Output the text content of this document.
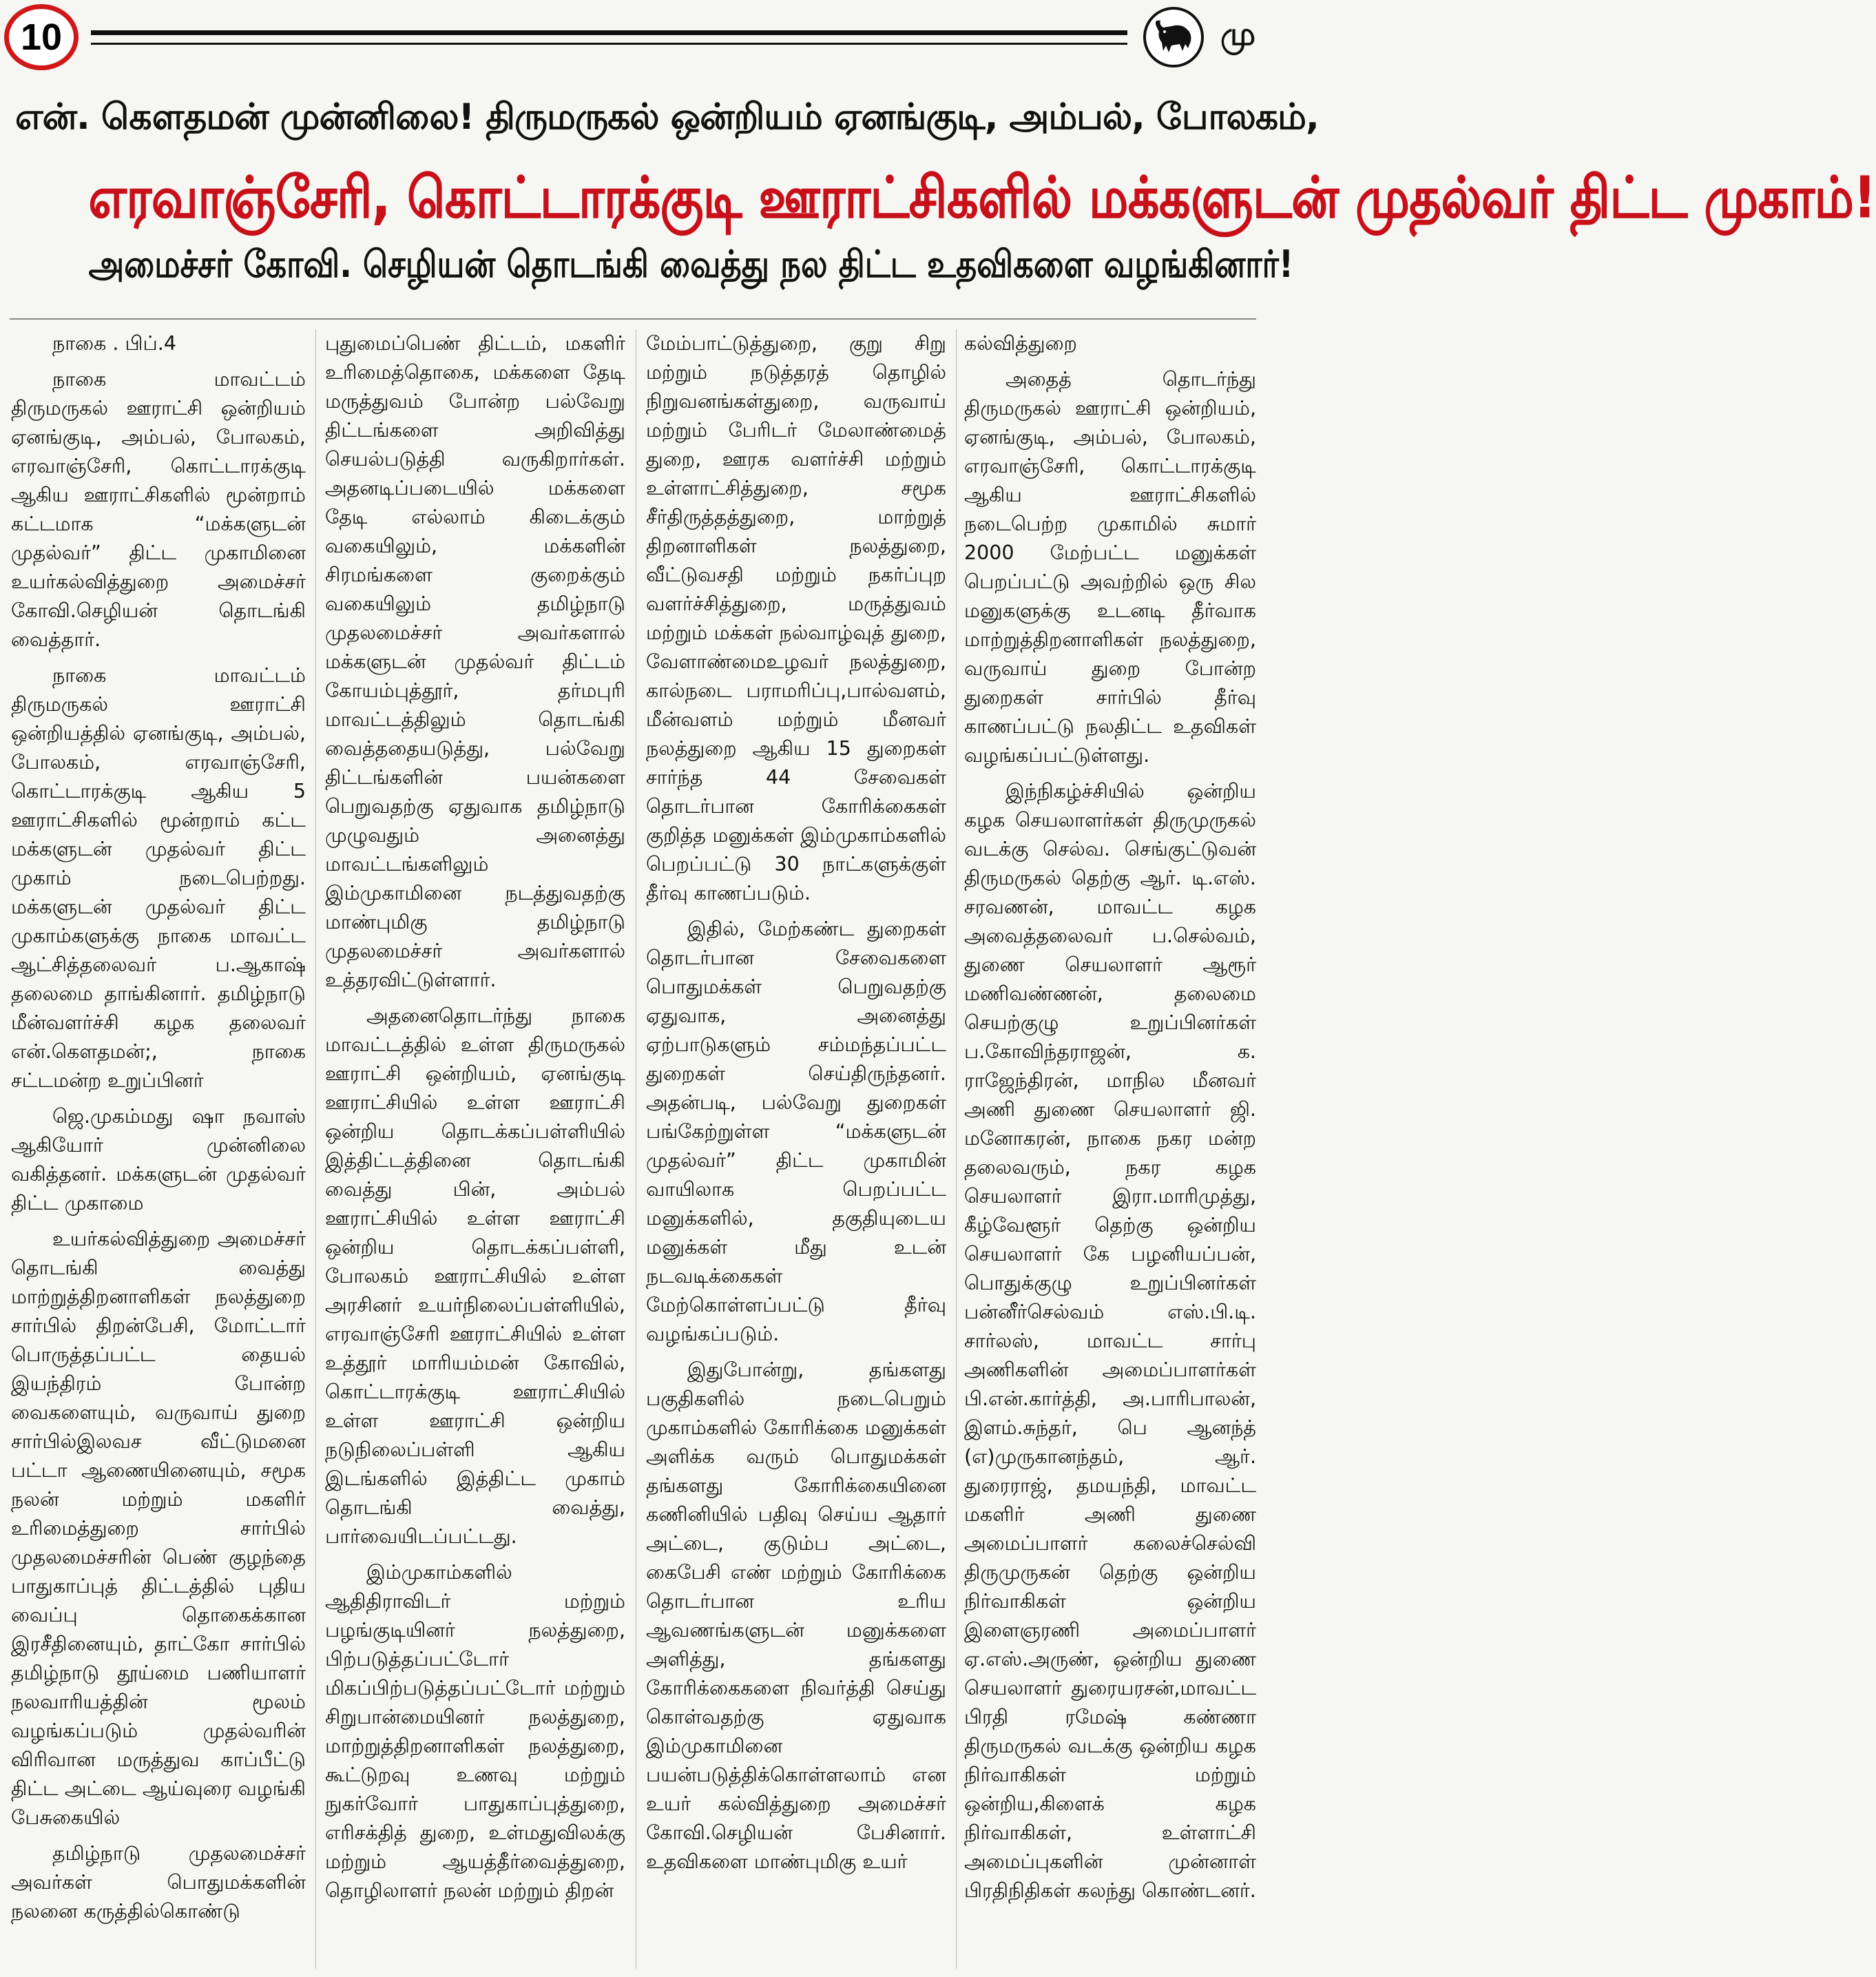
10	மு
என். கௌதமன் முன்னிலை! திருமருகல் ஒன்றியம் ஏனங்குடி, அம்பல், போலகம்,
எரவாஞ்சேரி, கொட்டாரக்குடி ஊராட்சிகளில் மக்களுடன் முதல்வர் திட்ட முகாம்!
அமைச்சர் கோவி. செழியன் தொடங்கி வைத்து நல திட்ட உதவிகளை வழங்கினார்!

நாகை . பிப்.4

நாகை மாவட்டம் திருமருகல் ஊராட்சி ஒன்றியம் ஏனங்குடி, அம்பல், போலகம், எரவாஞ்சேரி, கொட்டாரக்குடி ஆகிய ஊராட்சிகளில் மூன்றாம் கட்டமாக “மக்களுடன் முதல்வர்” திட்ட முகாமினை உயர்கல்வித்துறை அமைச்சர் கோவி.செழியன் தொடங்கி வைத்தார்.

நாகை மாவட்டம் திருமருகல் ஊராட்சி ஒன்றியத்தில் ஏனங்குடி, அம்பல், போலகம், எரவாஞ்சேரி, கொட்டாரக்குடி ஆகிய 5 ஊராட்சிகளில் மூன்றாம் கட்ட மக்களுடன் முதல்வர் திட்ட முகாம் நடைபெற்றது. மக்களுடன் முதல்வர் திட்ட முகாம்களுக்கு நாகை மாவட்ட ஆட்சித்தலைவர் ப.ஆகாஷ் தலைமை தாங்கினார். தமிழ்நாடு மீன்வளர்ச்சி கழக தலைவர் என்.கௌதமன்;, நாகை சட்டமன்ற உறுப்பினர்

ஜெ.முகம்மது ஷா நவாஸ் ஆகியோர் முன்னிலை வகித்தனர். மக்களுடன் முதல்வர் திட்ட முகாமை

உயர்கல்வித்துறை அமைச்சர் தொடங்கி வைத்து மாற்றுத்திறனாளிகள் நலத்துறை சார்பில் திறன்பேசி, மோட்டார் பொருத்தப்பட்ட தையல் இயந்திரம் போன்ற வைகளையும், வருவாய் துறை சார்பில்இலவச வீட்டுமனை பட்டா ஆணையினையும், சமூக நலன் மற்றும் மகளிர் உரிமைத்துறை சார்பில் முதலமைச்சரின் பெண் குழந்தை பாதுகாப்புத் திட்டத்தில் புதிய வைப்பு தொகைக்கான இரசீதினையும், தாட்கோ சார்பில் தமிழ்நாடு தூய்மை பணியாளர் நலவாரியத்தின் மூலம் வழங்கப்படும் முதல்வரின் விரிவான மருத்துவ காப்பீட்டு திட்ட அட்டை ஆய்வுரை வழங்கி பேசுகையில்

தமிழ்நாடு முதலமைச்சர் அவர்கள் பொதுமக்களின் நலனை கருத்தில்கொண்டு

புதுமைப்பெண் திட்டம், மகளிர் உரிமைத்தொகை, மக்களை தேடி மருத்துவம் போன்ற பல்வேறு திட்டங்களை அறிவித்து செயல்படுத்தி வருகிறார்கள். அதனடிப்படையில் மக்களை தேடி எல்லாம் கிடைக்கும் வகையிலும், மக்களின் சிரமங்களை குறைக்கும் வகையிலும் தமிழ்நாடு முதலமைச்சர் அவர்களால் மக்களுடன் முதல்வர் திட்டம் கோயம்புத்தூர், தர்மபுரி மாவட்டத்திலும் தொடங்கி வைத்ததையடுத்து, பல்வேறு திட்டங்களின் பயன்களை பெறுவதற்கு ஏதுவாக தமிழ்நாடு முழுவதும் அனைத்து மாவட்டங்களிலும் இம்முகாமினை நடத்துவதற்கு மாண்புமிகு தமிழ்நாடு முதலமைச்சர் அவர்களால் உத்தரவிட்டுள்ளார்.

அதனைதொடர்ந்து நாகை மாவட்டத்தில் உள்ள திருமருகல் ஊராட்சி ஒன்றியம், ஏனங்குடி ஊராட்சியில் உள்ள ஊராட்சி ஒன்றிய தொடக்கப்பள்ளியில் இத்திட்டத்தினை தொடங்கி வைத்து பின், அம்பல் ஊராட்சியில் உள்ள ஊராட்சி ஒன்றிய தொடக்கப்பள்ளி, போலகம் ஊராட்சியில் உள்ள அரசினர் உயர்நிலைப்பள்ளியில், எரவாஞ்சேரி ஊராட்சியில் உள்ள உத்தூர் மாரியம்மன் கோவில், கொட்டாரக்குடி ஊராட்சியில் உள்ள ஊராட்சி ஒன்றிய நடுநிலைப்பள்ளி ஆகிய இடங்களில் இத்திட்ட முகாம் தொடங்கி வைத்து, பார்வையிடப்பட்டது.

இம்முகாம்களில் ஆதிதிராவிடர் மற்றும் பழங்குடியினர் நலத்துறை, பிற்படுத்தப்பட்டோர் மிகப்பிற்படுத்தப்பட்டோர் மற்றும் சிறுபான்மையினர் நலத்துறை, மாற்றுத்திறனாளிகள் நலத்துறை, கூட்டுறவு உணவு மற்றும் நுகர்வோர் பாதுகாப்புத்துறை, எரிசக்தித் துறை, உள்மதுவிலக்கு மற்றும் ஆயத்தீர்வைத்துறை, தொழிலாளர் நலன் மற்றும் திறன்

மேம்பாட்டுத்துறை, குறு சிறு மற்றும் நடுத்தரத் தொழில் நிறுவனங்கள்துறை, வருவாய் மற்றும் பேரிடர் மேலாண்மைத் துறை, ஊரக வளர்ச்சி மற்றும் உள்ளாட்சித்துறை, சமூக சீர்திருத்தத்துறை, மாற்றுத் திறனாளிகள் நலத்துறை, வீட்டுவசதி மற்றும் நகர்ப்புற வளர்ச்சித்துறை, மருத்துவம் மற்றும் மக்கள் நல்வாழ்வுத் துறை, வேளாண்மைஉழவர் நலத்துறை, கால்நடை பராமரிப்பு,பால்வளம், மீன்வளம் மற்றும் மீனவர் நலத்துறை ஆகிய 15 துறைகள் சார்ந்த 44 சேவைகள் தொடர்பான கோரிக்கைகள் குறித்த மனுக்கள் இம்முகாம்களில் பெறப்பட்டு 30 நாட்களுக்குள் தீர்வு காணப்படும்.

இதில், மேற்கண்ட துறைகள் தொடர்பான சேவைகளை பொதுமக்கள் பெறுவதற்கு ஏதுவாக, அனைத்து ஏற்பாடுகளும் சம்மந்தப்பட்ட துறைகள் செய்திருந்தனர். அதன்படி, பல்வேறு துறைகள் பங்கேற்றுள்ள “மக்களுடன் முதல்வர்” திட்ட முகாமின் வாயிலாக பெறப்பட்ட மனுக்களில், தகுதியுடைய மனுக்கள் மீது உடன் நடவடிக்கைகள் மேற்கொள்ளப்பட்டு தீர்வு வழங்கப்படும்.

இதுபோன்று, தங்களது பகுதிகளில் நடைபெறும் முகாம்களில் கோரிக்கை மனுக்கள் அளிக்க வரும் பொதுமக்கள் தங்களது கோரிக்கையினை கணினியில் பதிவு செய்ய ஆதார் அட்டை, குடும்ப அட்டை, கைபேசி எண் மற்றும் கோரிக்கை தொடர்பான உரிய ஆவணங்களுடன் மனுக்களை அளித்து, தங்களது கோரிக்கைகளை நிவர்த்தி செய்து கொள்வதற்கு ஏதுவாக இம்முகாமினை பயன்படுத்திக்கொள்ளலாம் என உயர் கல்வித்துறை அமைச்சர் கோவி.செழியன் பேசினார். உதவிகளை மாண்புமிகு உயர்

கல்வித்துறை

அதைத் தொடர்ந்து திருமருகல் ஊராட்சி ஒன்றியம், ஏனங்குடி, அம்பல், போலகம், எரவாஞ்சேரி, கொட்டாரக்குடி ஆகிய ஊராட்சிகளில் நடைபெற்ற முகாமில் சுமார் 2000 மேற்பட்ட மனுக்கள் பெறப்பட்டு அவற்றில் ஒரு சில மனுகளுக்கு உடனடி தீர்வாக மாற்றுத்திறனாளிகள் நலத்துறை, வருவாய் துறை போன்ற துறைகள் சார்பில் தீர்வு காணப்பட்டு நலதிட்ட உதவிகள் வழங்கப்பட்டுள்ளது.

இந்நிகழ்ச்சியில் ஒன்றிய கழக செயலாளர்கள் திருமுருகல் வடக்கு செல்வ. செங்குட்டுவன் திருமருகல் தெற்கு ஆர். டி.எஸ். சரவணன், மாவட்ட கழக அவைத்தலைவர் ப.செல்வம், துணை செயலாளர் ஆரூர் மணிவண்ணன், தலைமை செயற்குழு உறுப்பினர்கள் ப.கோவிந்தராஜன், க. ராஜேந்திரன், மாநில மீனவர் அணி துணை செயலாளர் ஜி. மனோகரன், நாகை நகர மன்ற தலைவரும், நகர கழக செயலாளர் இரா.மாரிமுத்து, கீழ்வேளூர் தெற்கு ஒன்றிய செயலாளர் கே பழனியப்பன், பொதுக்குழு உறுப்பினர்கள் பன்னீர்செல்வம் எஸ்.பி.டி. சார்லஸ், மாவட்ட சார்பு அணிகளின் அமைப்பாளர்கள் பி.என்.கார்த்தி, அ.பாரிபாலன், இளம்.சுந்தர், பெ ஆனந்த் (எ)முருகானந்தம், ஆர். துரைராஜ், தமயந்தி, மாவட்ட மகளிர் அணி துணை அமைப்பாளர் கலைச்செல்வி திருமுருகன் தெற்கு ஒன்றிய நிர்வாகிகள் ஒன்றிய இளைஞரணி அமைப்பாளர் ஏ.எஸ்.அருண், ஒன்றிய துணை செயலாளர் துரையரசன்,மாவட்ட பிரதி ரமேஷ் கண்ணா திருமருகல் வடக்கு ஒன்றிய கழக நிர்வாகிகள் மற்றும் ஒன்றிய,கிளைக் கழக நிர்வாகிகள், உள்ளாட்சி அமைப்புகளின் முன்னாள் பிரதிநிதிகள் கலந்து கொண்டனர்.
